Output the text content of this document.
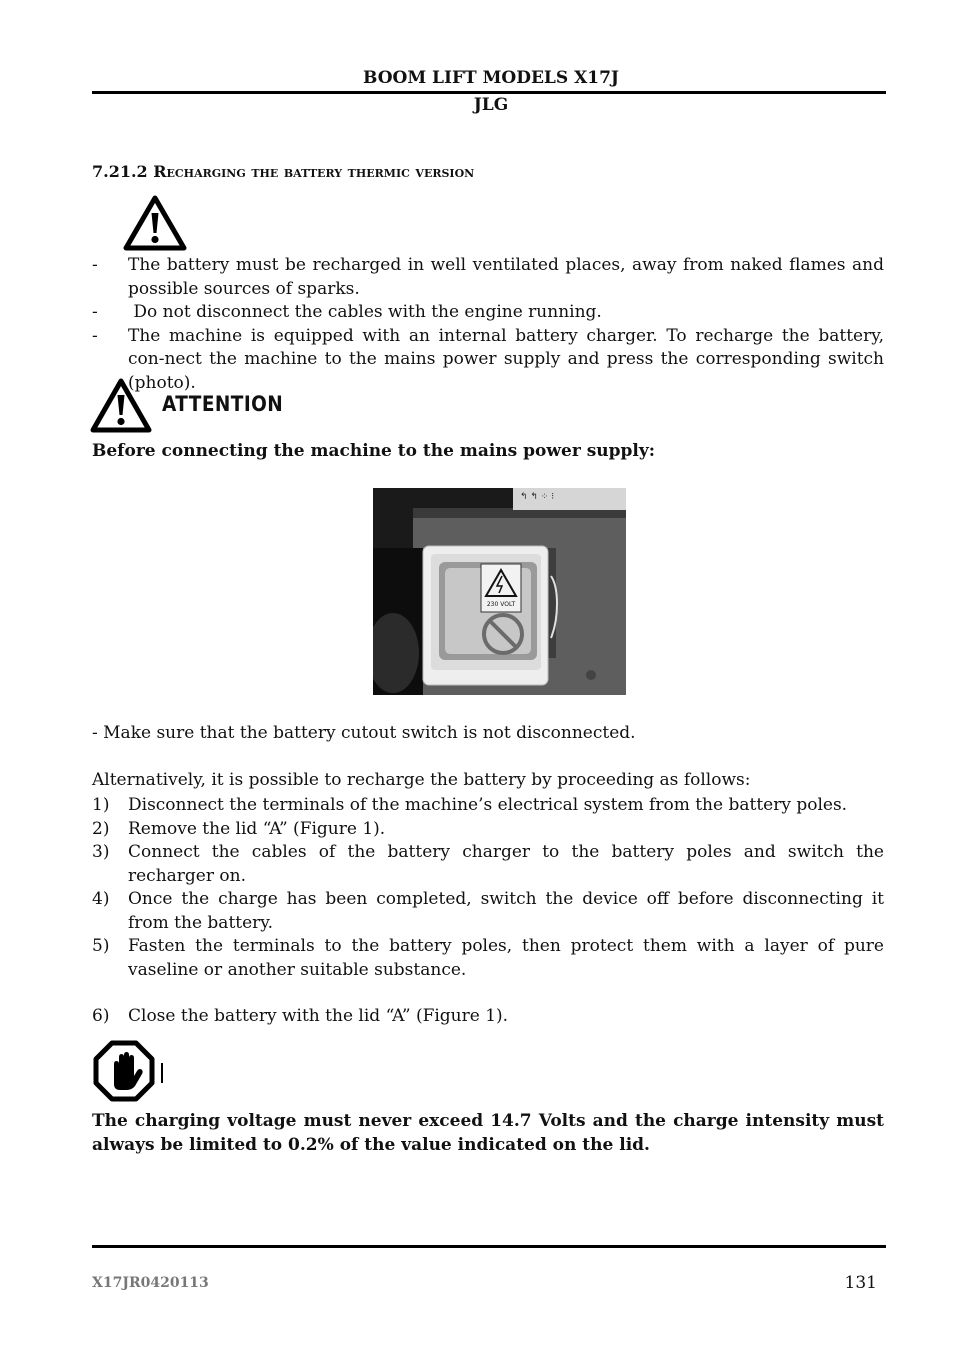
BOOM LIFT MODELS X17J
JLG
7.21.2 Recharging the battery thermic version
-	The battery must be recharged in well ventilated places, away from naked flames and possible sources of sparks.
-	Do not disconnect the cables with the engine running.
-	The machine is equipped with an internal battery charger. To recharge the battery, con-nect the machine to the mains power supply and press the corresponding switch (photo).
ATTENTION
Before connecting the machine to the mains power supply:
↰ ↰ ⁘ ⁝
230 VOLT
- Make sure that the battery cutout switch is not disconnected.
Alternatively, it is possible to recharge the battery by proceeding as follows:
1)	Disconnect the terminals of the machine’s electrical system from the battery poles.
2)	Remove the lid “A” (Figure 1).
3)	Connect the cables of the battery charger to the battery poles and switch the recharger on.
4)	Once the charge has been completed, switch the device off before disconnecting it from the battery.
5)	Fasten the terminals to the battery poles, then protect them with a layer of pure vaseline or another suitable substance.
6)	Close the battery with the lid “A” (Figure 1).
The charging voltage must never exceed 14.7 Volts and the charge intensity must always be limited to 0.2% of the value indicated on the lid.
X17JR0420113	131
